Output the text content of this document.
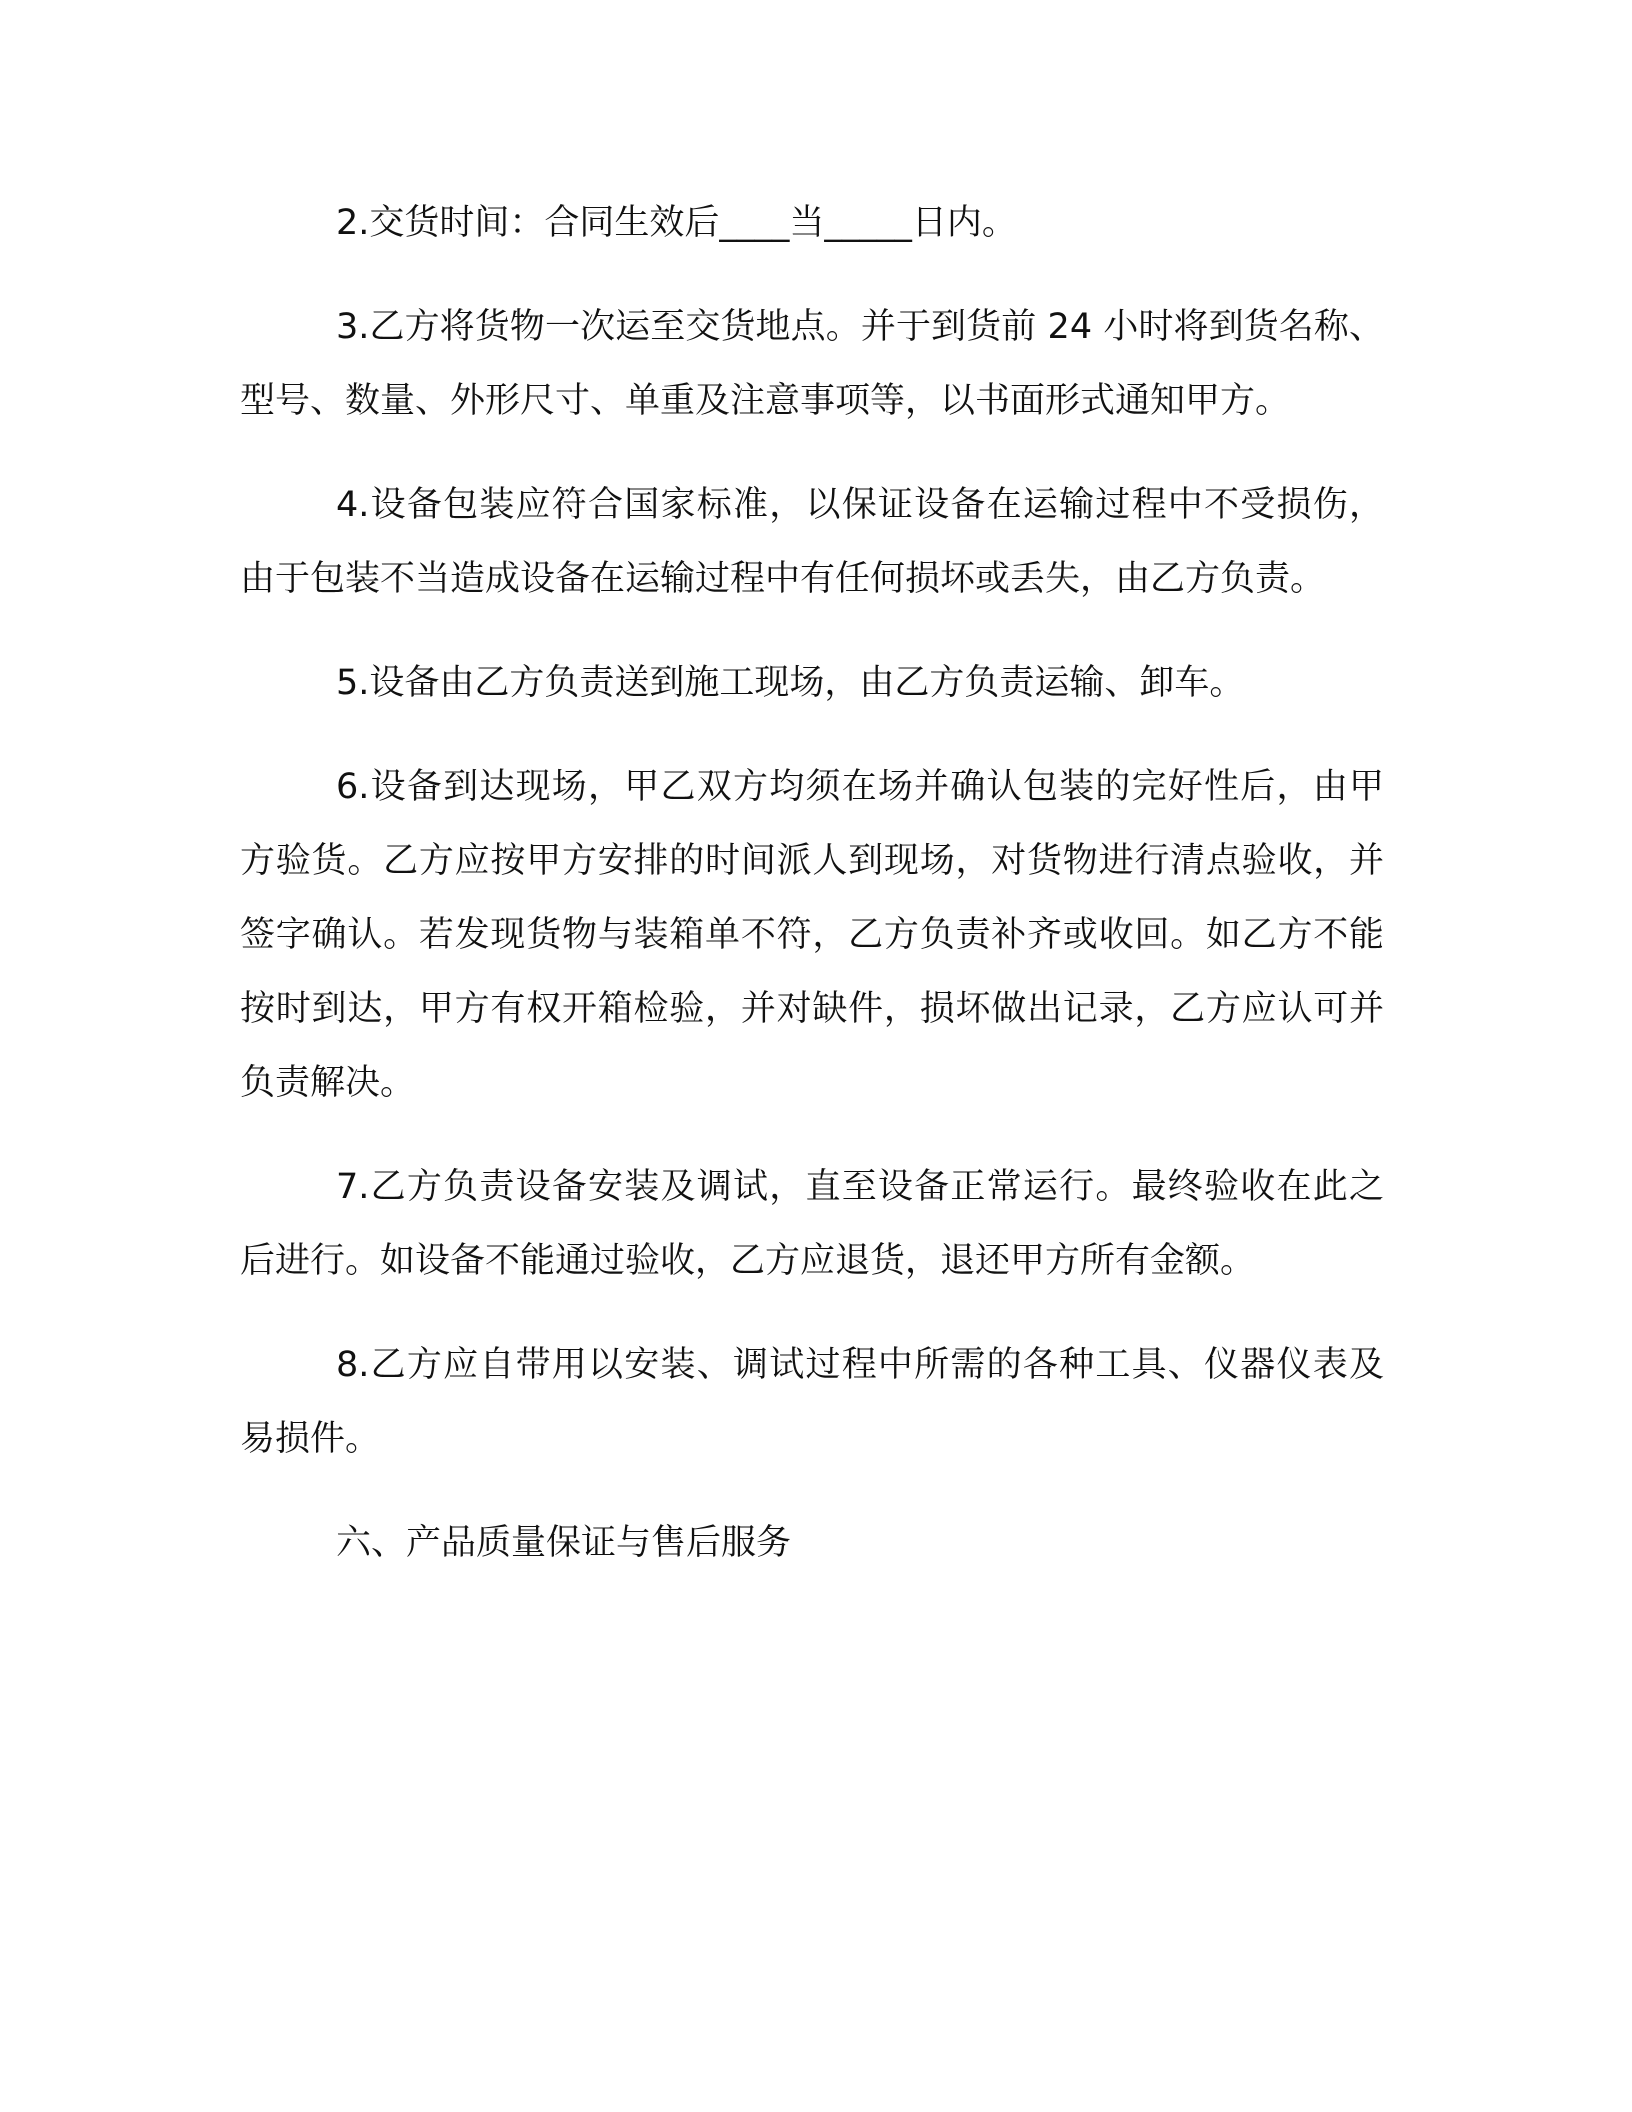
2.交货时间：合同生效后____当_____日内。

3.乙方将货物一次运至交货地点。并于到货前 24 小时将到货名称、型号、数量、外形尺寸、单重及注意事项等，以书面形式通知甲方。

4.设备包装应符合国家标准，以保证设备在运输过程中不受损伤，由于包装不当造成设备在运输过程中有任何损坏或丢失，由乙方负责。

5.设备由乙方负责送到施工现场，由乙方负责运输、卸车。

6.设备到达现场，甲乙双方均须在场并确认包装的完好性后，由甲方验货。乙方应按甲方安排的时间派人到现场，对货物进行清点验收，并签字确认。若发现货物与装箱单不符，乙方负责补齐或收回。如乙方不能按时到达，甲方有权开箱检验，并对缺件，损坏做出记录，乙方应认可并负责解决。

7.乙方负责设备安装及调试，直至设备正常运行。最终验收在此之后进行。如设备不能通过验收，乙方应退货，退还甲方所有金额。

8.乙方应自带用以安装、调试过程中所需的各种工具、仪器仪表及易损件。

六、产品质量保证与售后服务
